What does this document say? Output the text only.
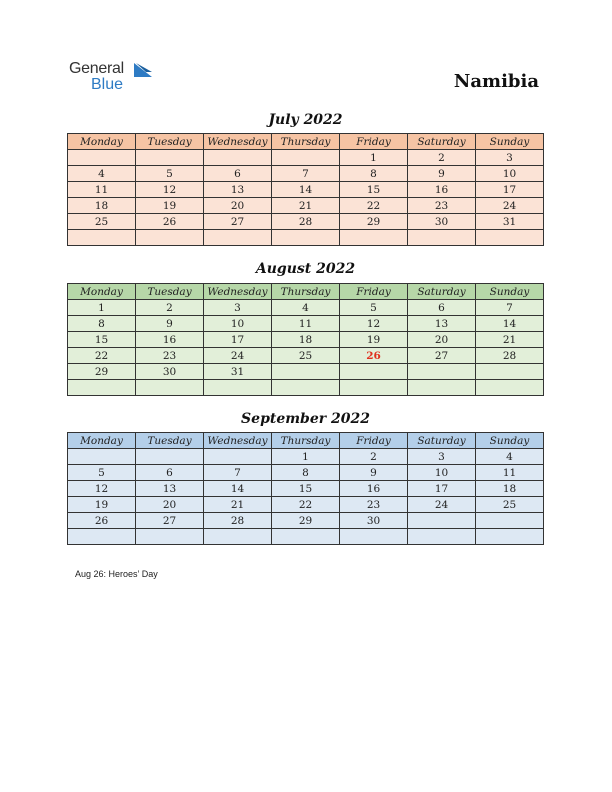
General
Blue	Namibia
July 2022
Monday	Tuesday	Wednesday	Thursday	Friday	Saturday	Sunday
				1	2	3
4	5	6	7	8	9	10
11	12	13	14	15	16	17
18	19	20	21	22	23	24
25	26	27	28	29	30	31

August 2022
Monday	Tuesday	Wednesday	Thursday	Friday	Saturday	Sunday
1	2	3	4	5	6	7
8	9	10	11	12	13	14
15	16	17	18	19	20	21
22	23	24	25	26	27	28
29	30	31				

September 2022
Monday	Tuesday	Wednesday	Thursday	Friday	Saturday	Sunday
			1	2	3	4
5	6	7	8	9	10	11
12	13	14	15	16	17	18
19	20	21	22	23	24	25
26	27	28	29	30		

Aug 26: Heroes’ Day
